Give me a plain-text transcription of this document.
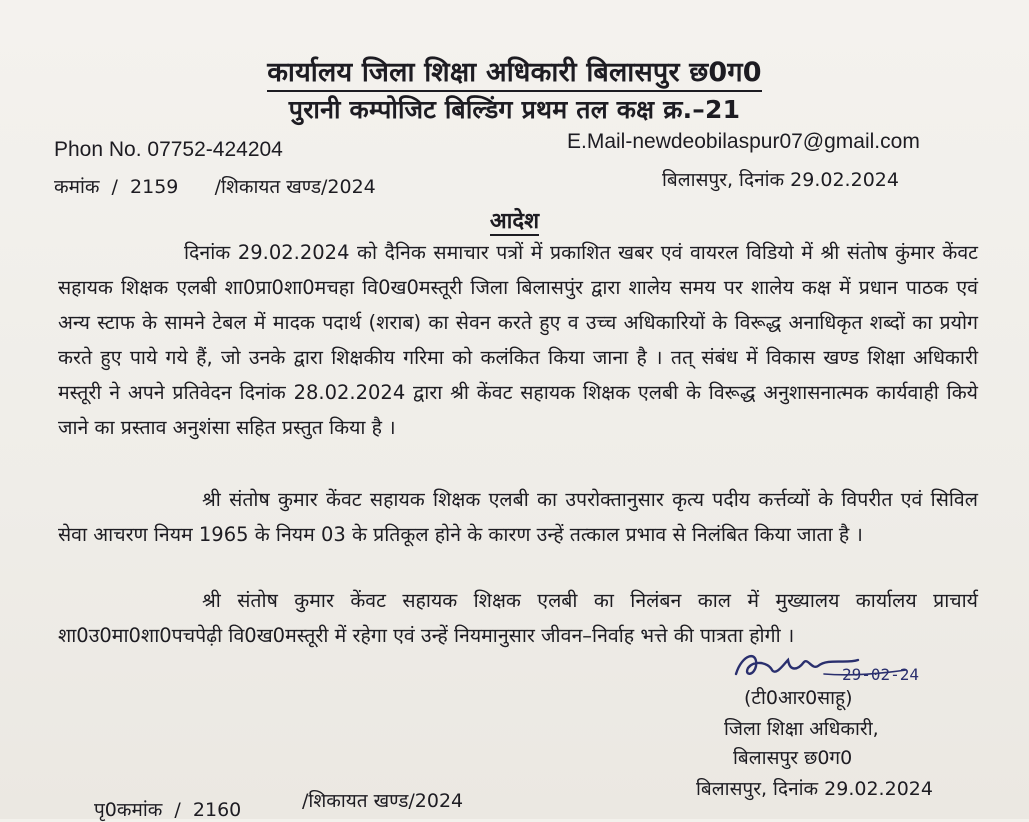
कार्यालय जिला शिक्षा अधिकारी बिलासपुर छ0ग0
पुरानी कम्पोजिट बिल्डिंग प्रथम तल कक्ष क्र.–21
Phon No. 07752-424204	E.Mail-newdeobilaspur07@gmail.com
कमांक  /  2159      /शिकायत खण्ड/2024	बिलासपुर, दिनांक 29.02.2024
आदेश
दिनांक 29.02.2024 को दैनिक समाचार पत्रों में प्रकाशित खबर एवं वायरल विडियो में श्री संतोष कुंमार केंवट सहायक शिक्षक एलबी शा0प्रा0शा0मचहा वि0ख0मस्तूरी जिला बिलासपुंर द्वारा शालेय समय पर शालेय कक्ष में प्रधान पाठक एवं अन्य स्टाफ के सामने टेबल में मादक पदार्थ (शराब) का सेवन करते हुए व उच्च अधिकारियों के विरूद्ध अनाधिकृत शब्दों का प्रयोग करते हुए पाये गये हैं, जो उनके द्वारा शिक्षकीय गरिमा को कलंकित किया जाना है । तत् संबंध में विकास खण्ड शिक्षा अधिकारी मस्तूरी ने अपने प्रतिवेदन दिनांक 28.02.2024 द्वारा श्री केंवट सहायक शिक्षक एलबी के विरूद्ध अनुशासनात्मक कार्यवाही किये जाने का प्रस्ताव अनुशंसा सहित प्रस्तुत किया है ।
श्री संतोष कुमार केंवट सहायक शिक्षक एलबी का उपरोक्तानुसार कृत्य पदीय कर्त्तव्यों के विपरीत एवं सिविल सेवा आचरण नियम 1965 के नियम 03 के प्रतिकूल होने के कारण उन्हें तत्काल प्रभाव से निलंबित किया जाता है ।
श्री संतोष कुमार केंवट सहायक शिक्षक एलबी का निलंबन काल में मुख्यालय कार्यालय प्राचार्य शा0उ0मा0शा0पचपेढ़ी वि0ख0मस्तूरी में रहेगा एवं उन्हें नियमानुसार जीवन–निर्वाह भत्ते की पात्रता होगी ।
29-02-24
(टी0आर0साहू)
जिला शिक्षा अधिकारी,
बिलासपुर छ0ग0
बिलासपुर, दिनांक 29.02.2024
पृ0कमांक  /  2160	/शिकायत खण्ड/2024
